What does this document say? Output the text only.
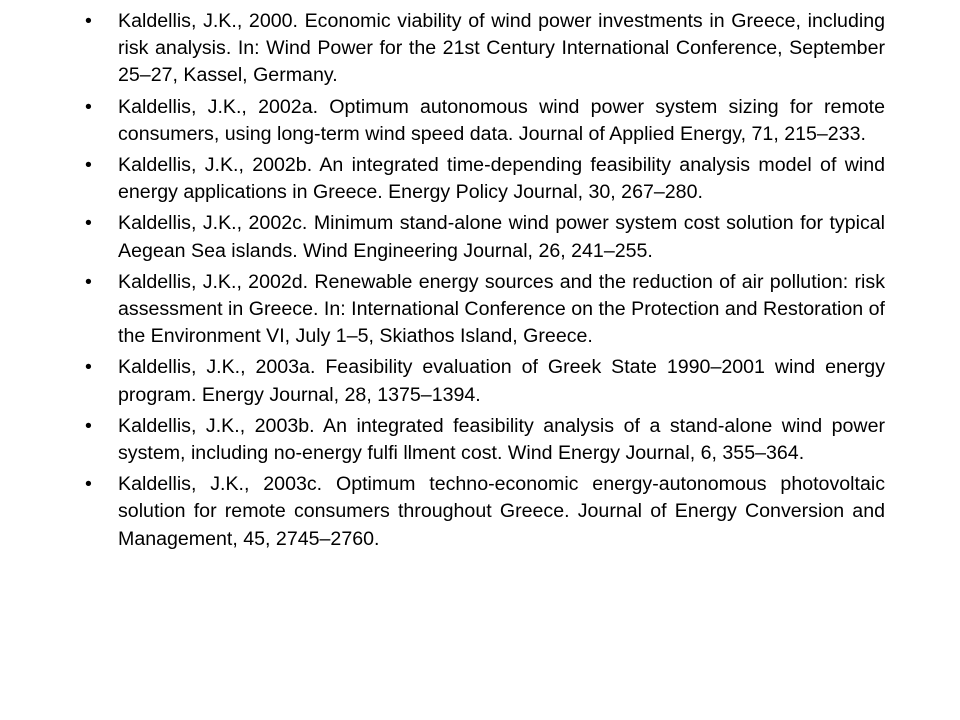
•
Kaldellis, J.K., 2000. Economic viability of wind power investments in Greece, including risk analysis. In: Wind Power for the 21st Century International Conference, September 25–27, Kassel, Germany.
•
Kaldellis, J.K., 2002a. Optimum autonomous wind power system sizing for remote consumers, using long-term wind speed data. Journal of Applied Energy, 71, 215–233.
•
Kaldellis, J.K., 2002b. An integrated time-depending feasibility analysis model of wind energy applications in Greece. Energy Policy Journal, 30, 267–280.
•
Kaldellis, J.K., 2002c. Minimum stand-alone wind power system cost solution for typical Aegean Sea islands. Wind Engineering Journal, 26, 241–255.
•
Kaldellis, J.K., 2002d. Renewable energy sources and the reduction of air pollution: risk assessment in Greece. In: International Conference on the Protection and Restoration of the Environment VI, July 1–5, Skiathos Island, Greece.
•
Kaldellis, J.K., 2003a. Feasibility evaluation of Greek State 1990–2001 wind energy program. Energy Journal, 28, 1375–1394.
•
Kaldellis, J.K., 2003b. An integrated feasibility analysis of a stand-alone wind power system, including no-energy fulfi llment cost. Wind Energy Journal, 6, 355–364.
•
Kaldellis, J.K., 2003c. Optimum techno-economic energy-autonomous photovoltaic solution for remote consumers throughout Greece. Journal of Energy Conversion and Management, 45, 2745–2760.
